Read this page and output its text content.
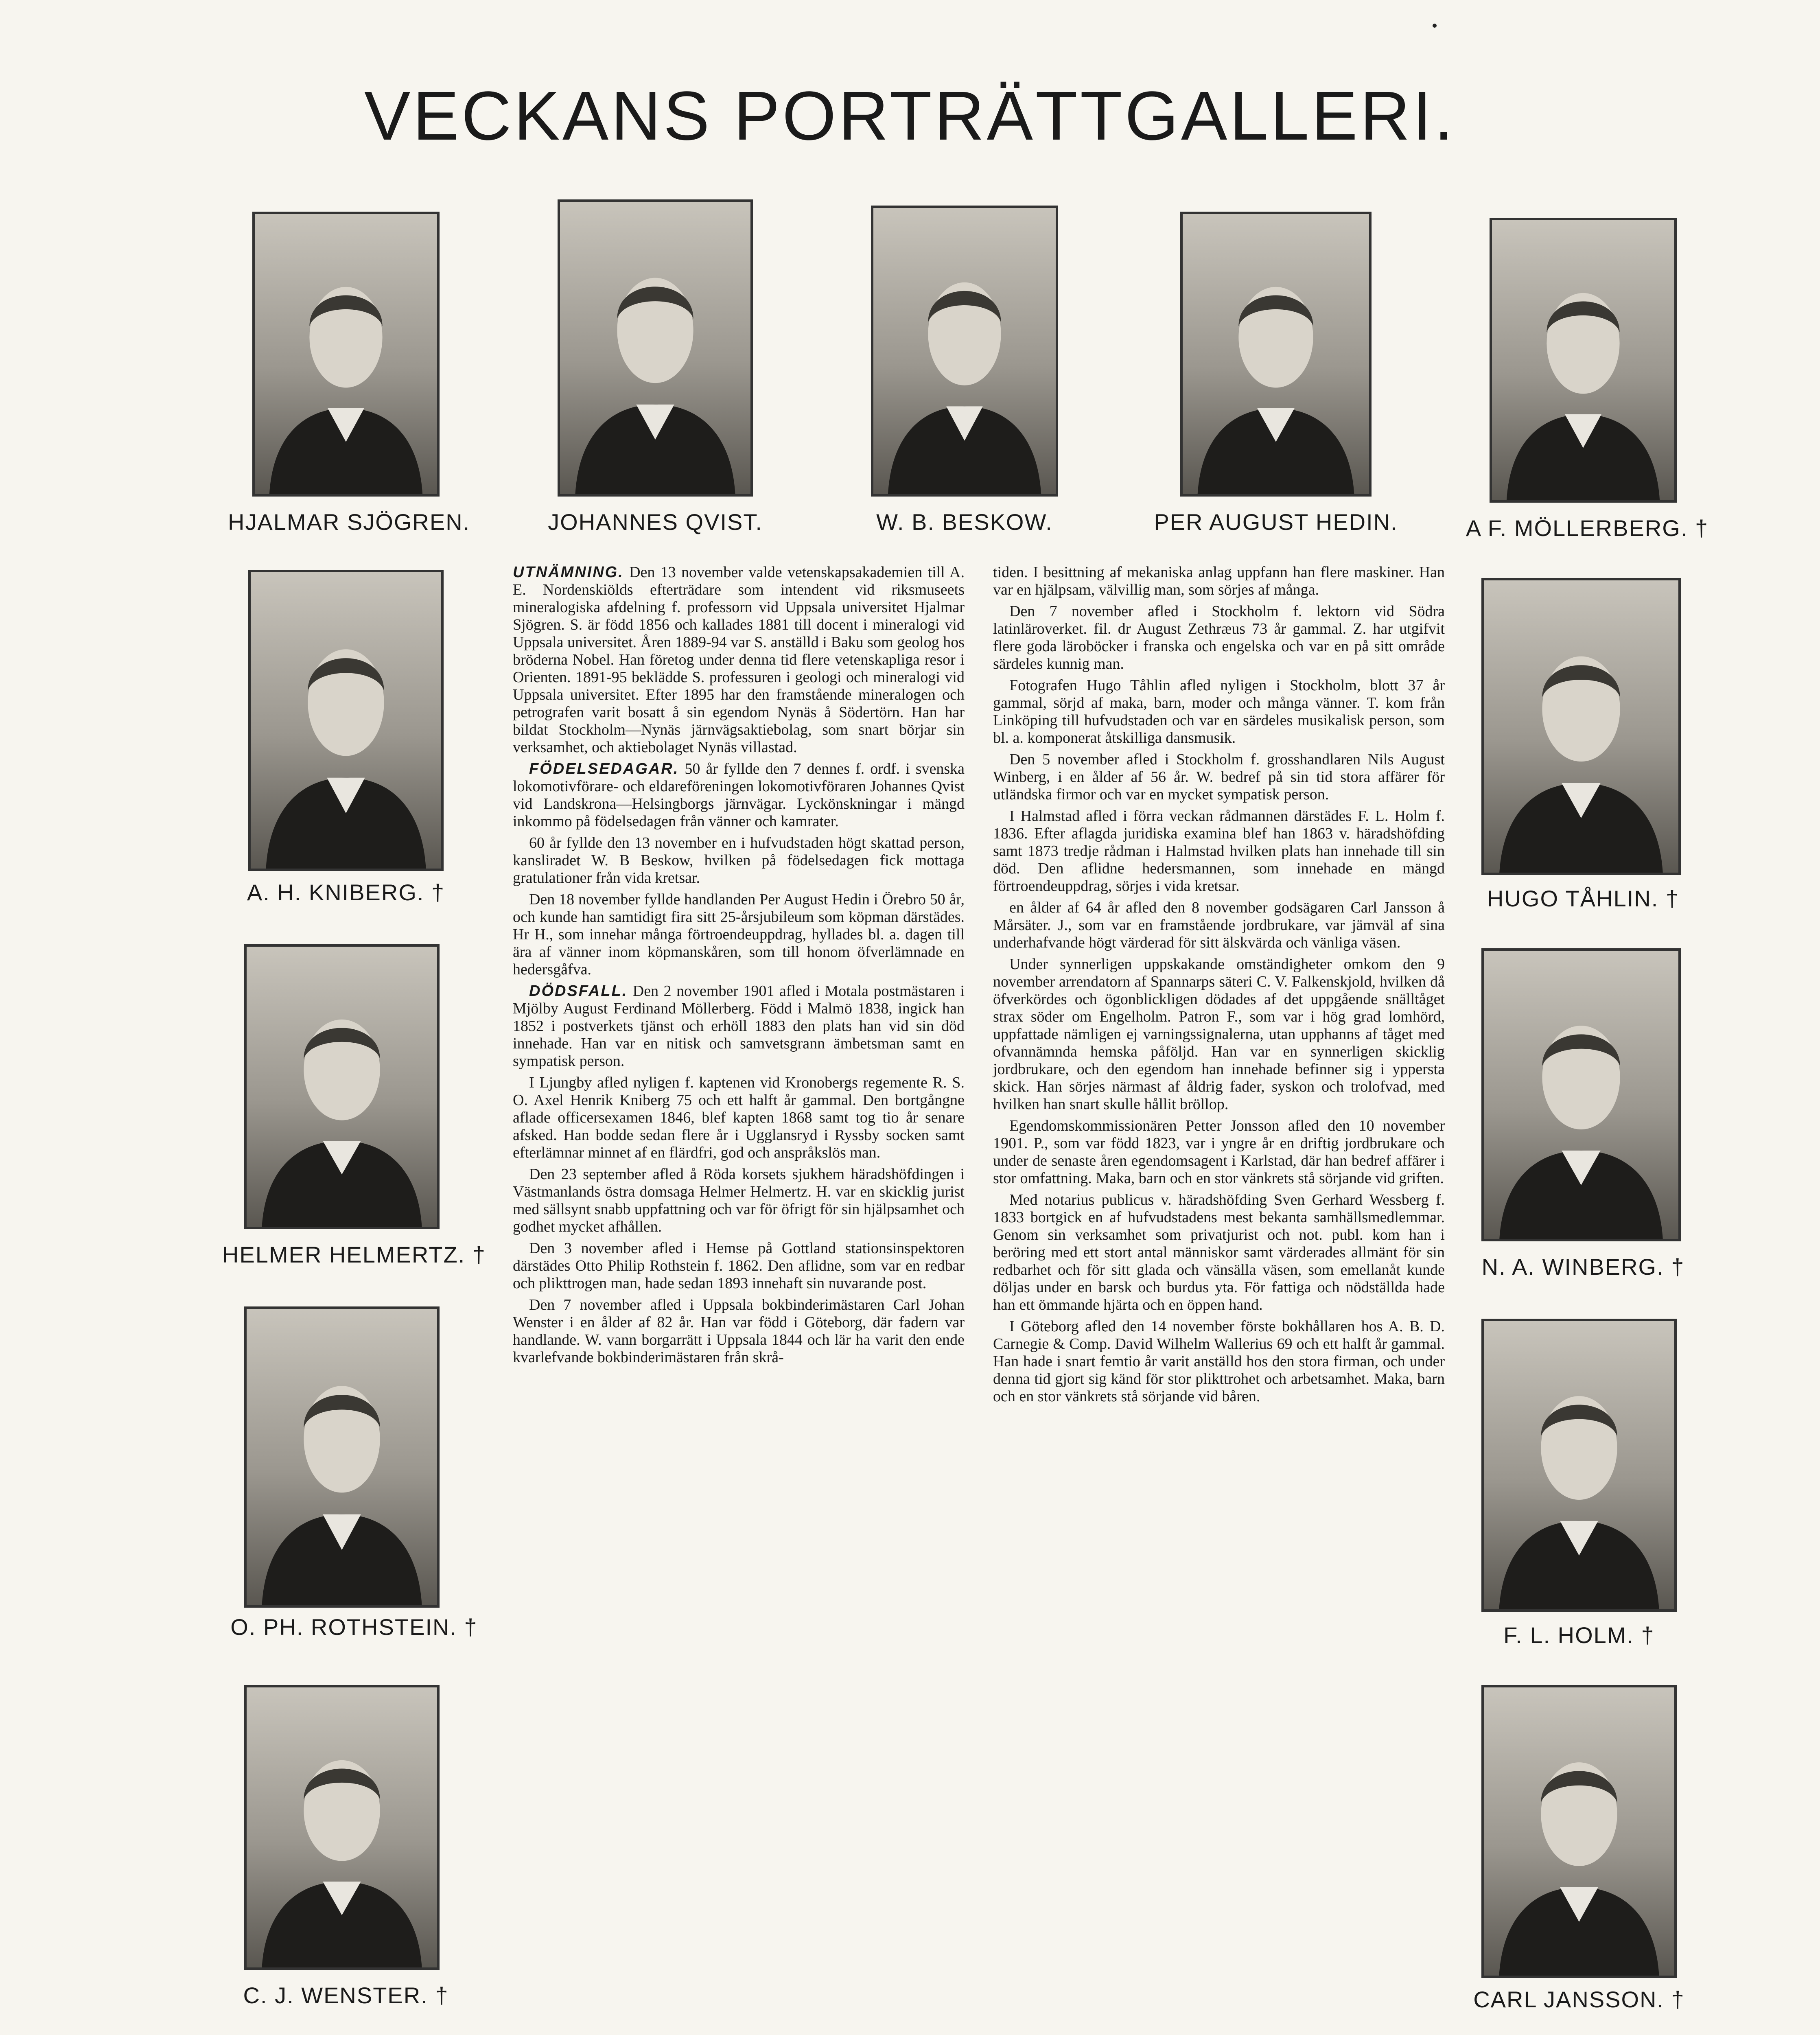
VECKANS PORTRÄTTGALLERI.
HJALMAR SJÖGREN.	JOHANNES QVIST.	W. B. BESKOW.	PER AUGUST HEDIN.	A F. MÖLLERBERG. †
A. H. KNIBERG. †
HELMER HELMERTZ. †
O. PH. ROTHSTEIN. †
C. J. WENSTER. †
HUGO TÅHLIN. †
N. A. WINBERG. †
F. L. HOLM. †
CARL JANSSON. †

UTNÄMNING. Den 13 november valde vetenskapsakademien till A. E. Nordenskiölds efterträdare som intendent vid riksmuseets mineralogiska afdelning f. professorn vid Uppsala universitet Hjalmar Sjögren. S. är född 1856 och kallades 1881 till docent i mineralogi vid Uppsala universitet. Åren 1889-94 var S. anställd i Baku som geolog hos bröderna Nobel. Han företog under denna tid flere vetenskapliga resor i Orienten. 1891-95 beklädde S. professuren i geologi och mineralogi vid Uppsala universitet. Efter 1895 har den framstående mineralogen och petrografen varit bosatt å sin egendom Nynäs å Södertörn. Han har bildat Stockholm—Nynäs järnvägsaktiebolag, som snart börjar sin verksamhet, och aktiebolaget Nynäs villastad.

FÖDELSEDAGAR. 50 år fyllde den 7 dennes f. ordf. i svenska lokomotivförare- och eldareföreningen lokomotivföraren Johannes Qvist vid Landskrona—Helsingborgs järnvägar. Lyckönskningar i mängd inkommo på födelsedagen från vänner och kamrater.

60 år fyllde den 13 november en i hufvudstaden högt skattad person, kansliradet W. B Beskow, hvilken på födelsedagen fick mottaga gratulationer från vida kretsar.

Den 18 november fyllde handlanden Per August Hedin i Örebro 50 år, och kunde han samtidigt fira sitt 25-årsjubileum som köpman därstädes. Hr H., som innehar många förtroendeuppdrag, hyllades bl. a. dagen till ära af vänner inom köpmanskåren, som till honom öfverlämnade en hedersgåfva.

DÖDSFALL. Den 2 november 1901 afled i Motala postmästaren i Mjölby August Ferdinand Möllerberg. Född i Malmö 1838, ingick han 1852 i postverkets tjänst och erhöll 1883 den plats han vid sin död innehade. Han var en nitisk och samvetsgrann ämbetsman samt en sympatisk person.

I Ljungby afled nyligen f. kaptenen vid Kronobergs regemente R. S. O. Axel Henrik Kniberg 75 och ett halft år gammal. Den bortgångne aflade officersexamen 1846, blef kapten 1868 samt tog tio år senare afsked. Han bodde sedan flere år i Ugglansryd i Ryssby socken samt efterlämnar minnet af en flärdfri, god och anspråkslös man.

Den 23 september afled å Röda korsets sjukhem häradshöfdingen i Västmanlands östra domsaga Helmer Helmertz. H. var en skicklig jurist med sällsynt snabb uppfattning och var för öfrigt för sin hjälpsamhet och godhet mycket afhållen.

Den 3 november afled i Hemse på Gottland stationsinspektoren därstädes Otto Philip Rothstein f. 1862. Den aflidne, som var en redbar och plikttrogen man, hade sedan 1893 innehaft sin nuvarande post.

Den 7 november afled i Uppsala bokbinderimästaren Carl Johan Wenster i en ålder af 82 år. Han var född i Göteborg, där fadern var handlande. W. vann borgarrätt i Uppsala 1844 och lär ha varit den ende kvarlefvande bokbinderimästaren från skrå-

tiden. I besittning af mekaniska anlag uppfann han flere maskiner. Han var en hjälpsam, välvillig man, som sörjes af många.

Den 7 november afled i Stockholm f. lektorn vid Södra latinläroverket. fil. dr August Zethræus 73 år gammal. Z. har utgifvit flere goda läroböcker i franska och engelska och var en på sitt område särdeles kunnig man.

Fotografen Hugo Tåhlin afled nyligen i Stockholm, blott 37 år gammal, sörjd af maka, barn, moder och många vänner. T. kom från Linköping till hufvudstaden och var en särdeles musikalisk person, som bl. a. komponerat åtskilliga dansmusik.

Den 5 november afled i Stockholm f. grosshandlaren Nils August Winberg, i en ålder af 56 år. W. bedref på sin tid stora affärer för utländska firmor och var en mycket sympatisk person.

I Halmstad afled i förra veckan rådmannen därstädes F. L. Holm f. 1836. Efter aflagda juridiska examina blef han 1863 v. häradshöfding samt 1873 tredje rådman i Halmstad hvilken plats han innehade till sin död. Den aflidne hedersmannen, som innehade en mängd förtroendeuppdrag, sörjes i vida kretsar.

en ålder af 64 år afled den 8 november godsägaren Carl Jansson å Mårsäter. J., som var en framstående jordbrukare, var jämväl af sina underhafvande högt värderad för sitt älskvärda och vänliga väsen.

Under synnerligen uppskakande omständigheter omkom den 9 november arrendatorn af Spannarps säteri C. V. Falkenskjold, hvilken då öfverkördes och ögonblickligen dödades af det uppgående snälltåget strax söder om Engelholm. Patron F., som var i hög grad lomhörd, uppfattade nämligen ej varningssignalerna, utan upphanns af tåget med ofvannämnda hemska påföljd. Han var en synnerligen skicklig jordbrukare, och den egendom han innehade befinner sig i yppersta skick. Han sörjes närmast af åldrig fader, syskon och trolofvad, med hvilken han snart skulle hållit bröllop.

Egendomskommissionären Petter Jonsson afled den 10 november 1901. P., som var född 1823, var i yngre år en driftig jordbrukare och under de senaste åren egendomsagent i Karlstad, där han bedref affärer i stor omfattning. Maka, barn och en stor vänkrets stå sörjande vid griften.

Med notarius publicus v. häradshöfding Sven Gerhard Wessberg f. 1833 bortgick en af hufvudstadens mest bekanta samhällsmedlemmar. Genom sin verksamhet som privatjurist och not. publ. kom han i beröring med ett stort antal människor samt värderades allmänt för sin redbarhet och för sitt glada och vänsälla väsen, som emellanåt kunde döljas under en barsk och burdus yta. För fattiga och nödställda hade han ett ömmande hjärta och en öppen hand.

I Göteborg afled den 14 november förste bokhållaren hos A. B. D. Carnegie & Comp. David Wilhelm Wallerius 69 och ett halft år gammal. Han hade i snart femtio år varit anställd hos den stora firman, och under denna tid gjort sig känd för stor plikttrohet och arbetsamhet. Maka, barn och en stor vänkrets stå sörjande vid båren.
